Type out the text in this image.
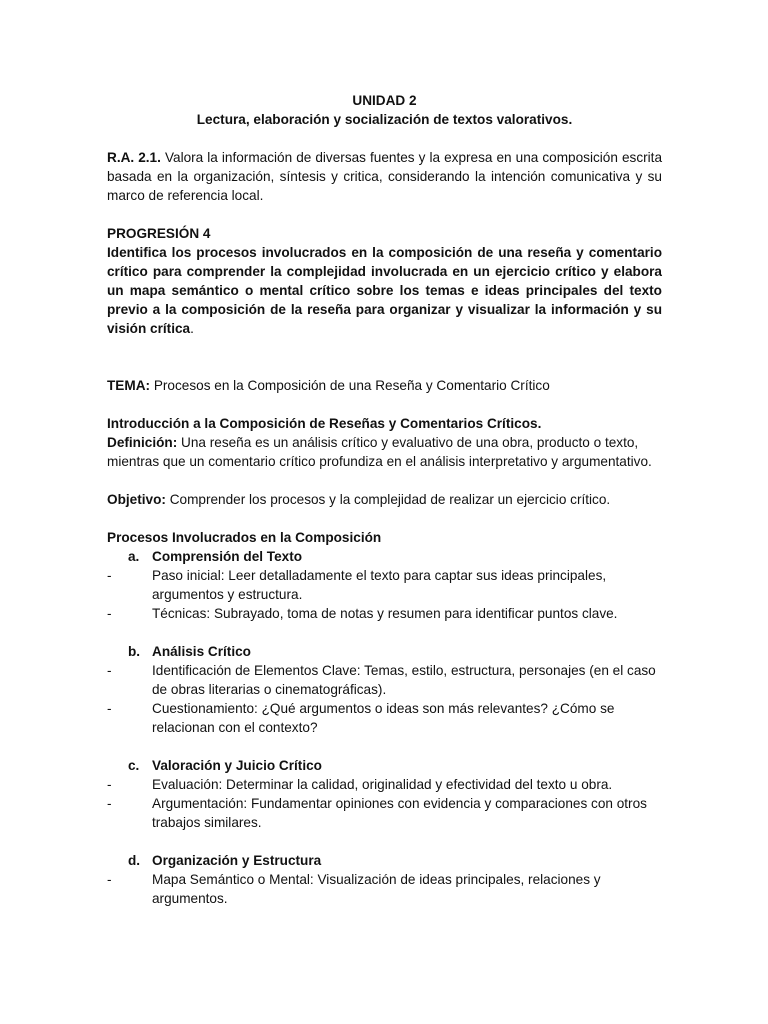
UNIDAD 2
Lectura, elaboración y socialización de textos valorativos.
R.A. 2.1. Valora la información de diversas fuentes y la expresa en una composición escrita basada en la organización, síntesis y critica, considerando la intención comunicativa y su marco de referencia local.
PROGRESIÓN 4
Identifica los procesos involucrados en la composición de una reseña y comentario crítico para comprender la complejidad involucrada en un ejercicio crítico y elabora un mapa semántico o mental crítico sobre los temas e ideas principales del texto previo a la composición de la reseña para organizar y visualizar la información y su visión crítica.
TEMA: Procesos en la Composición de una Reseña y Comentario Crítico
Introducción a la Composición de Reseñas y Comentarios Críticos.
Definición: Una reseña es un análisis crítico y evaluativo de una obra, producto o texto, mientras que un comentario crítico profundiza en el análisis interpretativo y argumentativo.
Objetivo: Comprender los procesos y la complejidad de realizar un ejercicio crítico.
Procesos Involucrados en la Composición
a. Comprensión del Texto
-	Paso inicial: Leer detalladamente el texto para captar sus ideas principales, argumentos y estructura.
-	Técnicas: Subrayado, toma de notas y resumen para identificar puntos clave.
b. Análisis Crítico
-	Identificación de Elementos Clave: Temas, estilo, estructura, personajes (en el caso de obras literarias o cinematográficas).
-	Cuestionamiento: ¿Qué argumentos o ideas son más relevantes? ¿Cómo se relacionan con el contexto?
c. Valoración y Juicio Crítico
-	Evaluación: Determinar la calidad, originalidad y efectividad del texto u obra.
-	Argumentación: Fundamentar opiniones con evidencia y comparaciones con otros trabajos similares.
d. Organización y Estructura
-	Mapa Semántico o Mental: Visualización de ideas principales, relaciones y argumentos.
